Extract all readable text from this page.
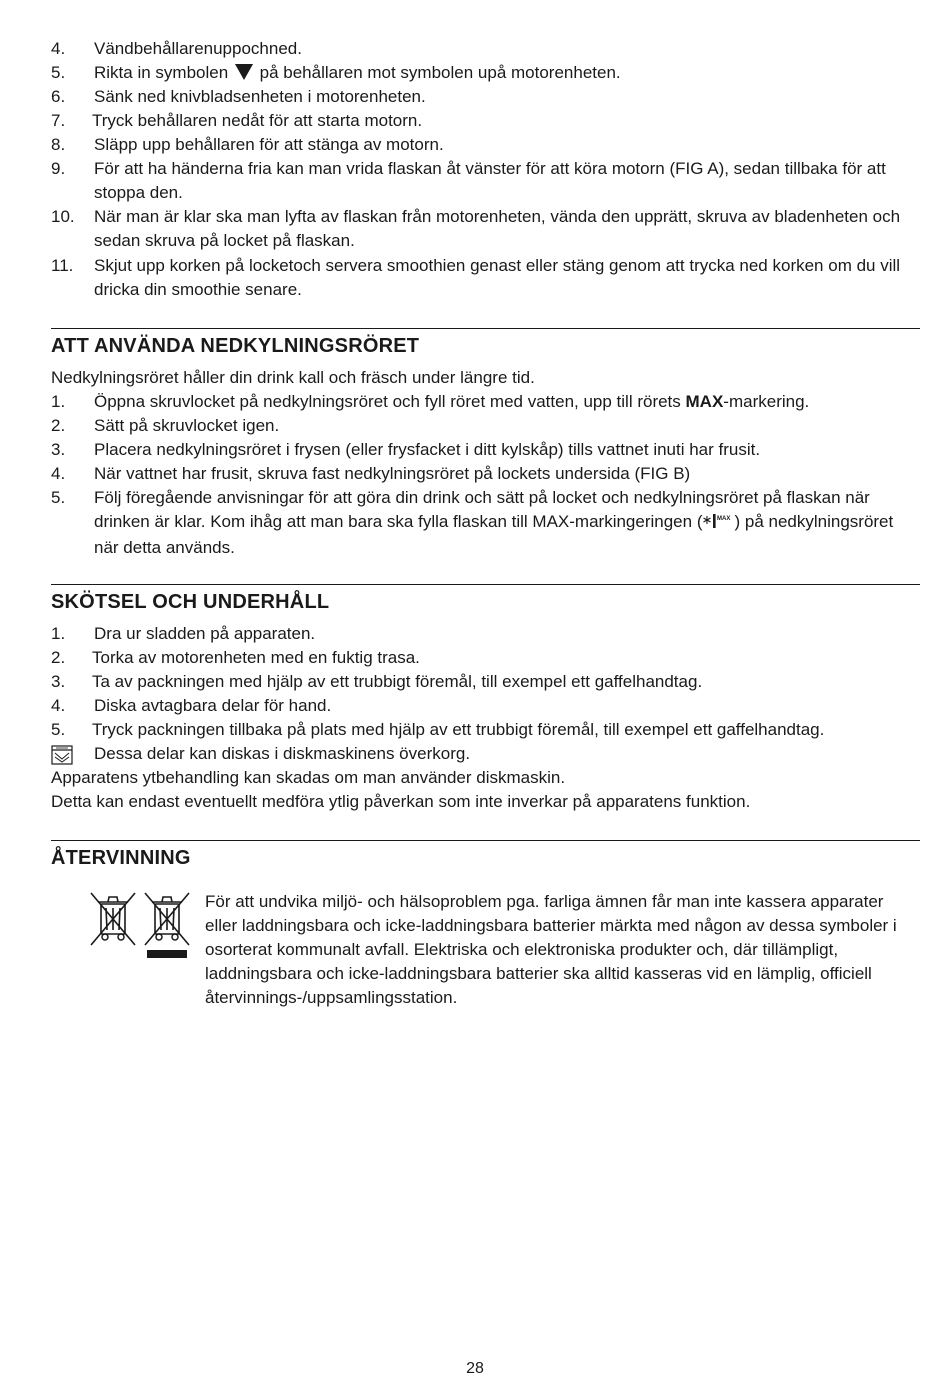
4. Vändbehållarenuppochned.
5. Rikta in symbolen  på behållaren mot symbolen upå motorenheten.
6. Sänk ned knivbladsenheten i motorenheten.
7. Tryck behållaren nedåt för att starta motorn.
8. Släpp upp behållaren för att stänga av motorn.
9. För att ha händerna fria kan man vrida flaskan åt vänster för att köra motorn (FIG A), sedan tillbaka för att stoppa den.
10. När man är klar ska man lyfta av flaskan från motorenheten, vända den upprätt, skruva av bladenheten och sedan skruva på locket på flaskan.
11. Skjut upp korken på locketoch servera smoothien genast eller stäng genom att trycka ned korken om du vill dricka din smoothie senare.
ATT ANVÄNDA NEDKYLNINGSRÖRET
Nedkylningsröret håller din drink kall och fräsch under längre tid.
1. Öppna skruvlocket på nedkylningsröret och fyll röret med vatten, upp till rörets MAX-markering.
2. Sätt på skruvlocket igen.
3. Placera nedkylningsröret i frysen (eller frysfacket i ditt kylskåp) tills vattnet inuti har frusit.
4. När vattnet har frusit, skruva fast nedkylningsröret på lockets undersida (FIG B)
5. Följ föregående anvisningar för att göra din drink och sätt på locket och nedkylningsröret på flaskan när drinken är klar. Kom ihåg att man bara ska fylla flaskan till MAX-markingeringen (	MAX ) på nedkylningsröret när detta används.
SKÖTSEL OCH UNDERHÅLL
1. Dra ur sladden på apparaten.
2. Torka av motorenheten med en fuktig trasa.
3. Ta av packningen med hjälp av ett trubbigt föremål, till exempel ett gaffelhandtag.
4. Diska avtagbara delar för hand.
5. Tryck packningen tillbaka på plats med hjälp av ett trubbigt föremål, till exempel ett gaffelhandtag.
Dessa delar kan diskas i diskmaskinens överkorg.
Apparatens ytbehandling kan skadas om man använder diskmaskin.
Detta kan endast eventuellt medföra ytlig påverkan som inte inverkar på apparatens funktion.
ÅTERVINNING
För att undvika miljö- och hälsoproblem pga. farliga ämnen får man inte kassera apparater eller laddningsbara och icke-laddningsbara batterier märkta med någon av dessa symboler i osorterat kommunalt avfall. Elektriska och elektroniska produkter och, där tillämpligt, laddningsbara och icke-laddningsbara batterier ska alltid kasseras vid en lämplig, officiell återvinnings-/uppsamlingsstation.
28
